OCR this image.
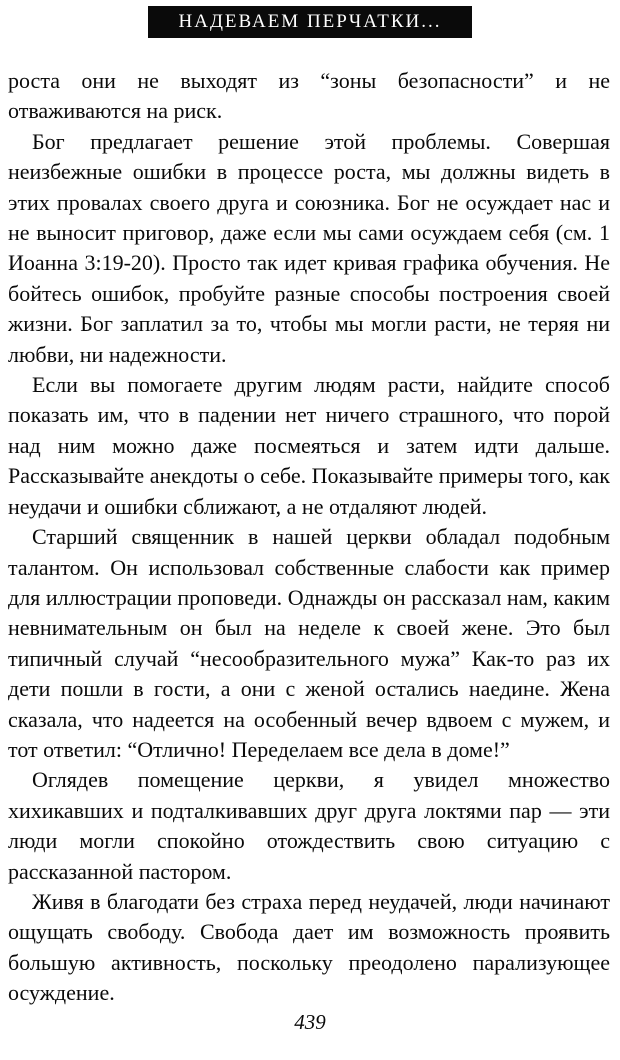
НАДЕВАЕМ ПЕРЧАТКИ...

роста они не выходят из “зоны безопасности” и не отваживаются на риск.

Бог предлагает решение этой проблемы. Совершая неизбежные ошибки в процессе роста, мы должны видеть в этих провалах своего друга и союзника. Бог не осуждает нас и не выносит приговор, даже если мы сами осуждаем себя (см. 1 Иоанна 3:19-20). Просто так идет кривая графика обучения. Не бойтесь ошибок, пробуйте разные способы построения своей жизни. Бог заплатил за то, чтобы мы могли расти, не теряя ни любви, ни надежности.

Если вы помогаете другим людям расти, найдите способ показать им, что в падении нет ничего страшного, что порой над ним можно даже посмеяться и затем идти дальше. Рассказывайте анекдоты о себе. Показывайте примеры того, как неудачи и ошибки сближают, а не отдаляют людей.

Старший священник в нашей церкви обладал подобным талантом. Он использовал собственные слабости как пример для иллюстрации проповеди. Однажды он рассказал нам, каким невнимательным он был на неделе к своей жене. Это был типичный случай “несообразительного мужа” Как-то раз их дети пошли в гости, а они с женой остались наедине. Жена сказала, что надеется на особенный вечер вдвоем с мужем, и тот ответил: “Отлично! Переделаем все дела в доме!”

Оглядев помещение церкви, я увидел множество хихикавших и подталкивавших друг друга локтями пар — эти люди могли спокойно отождествить свою ситуацию с рассказанной пастором.

Живя в благодати без страха перед неудачей, люди начинают ощущать свободу. Свобода дает им возможность проявить большую активность, поскольку преодолено парализующее осуждение.

439
